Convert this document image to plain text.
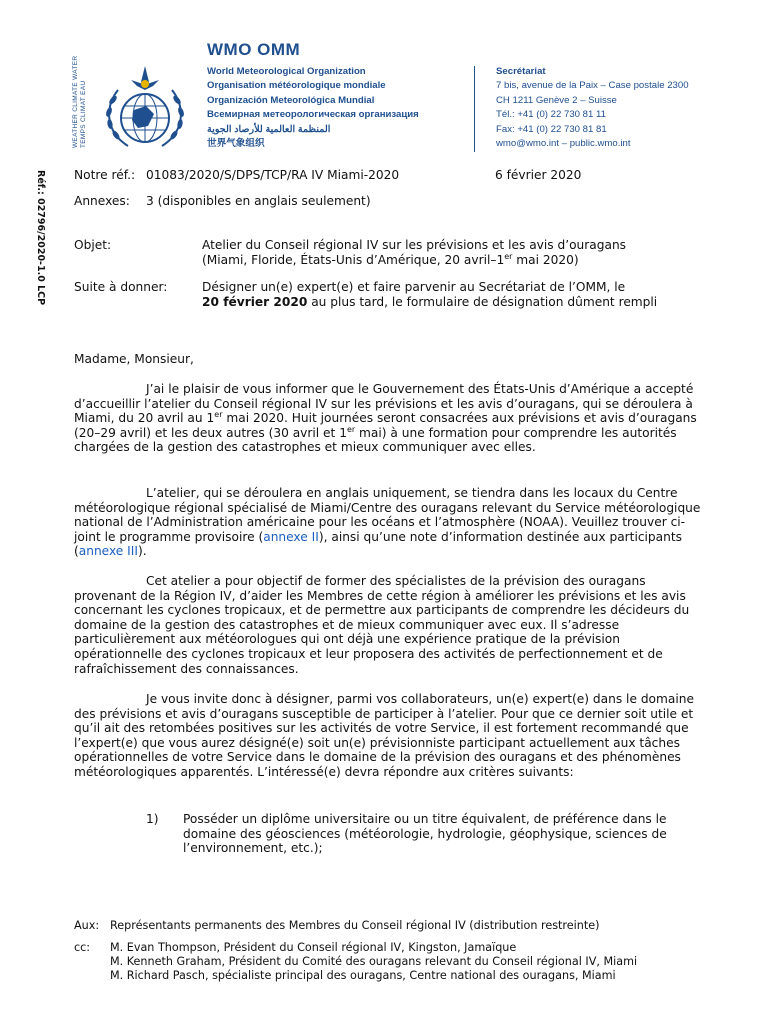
Réf.: 02796/2020-1.0 LCP
WEATHER CLIMATE WATER TEMPS CLIMAT EAU
WMO OMM
World Meteorological Organization
Organisation météorologique mondiale
Organización Meteorológica Mundial
Всемирная метеорологическая организация
المنظمة العالمية للأرصاد الجوية
世界气象组织
Secrétariat
7 bis, avenue de la Paix – Case postale 2300
CH 1211 Genève 2 – Suisse
Tél.: +41 (0) 22 730 81 11
Fax: +41 (0) 22 730 81 81
wmo@wmo.int – public.wmo.int
Notre réf.: 01083/2020/S/DPS/TCP/RA IV Miami-2020	6 février 2020
Annexes: 3 (disponibles en anglais seulement)
Objet:	Atelier du Conseil régional IV sur les prévisions et les avis d’ouragans
(Miami, Floride, États-Unis d’Amérique, 20 avril–1er mai 2020)
Suite à donner:	Désigner un(e) expert(e) et faire parvenir au Secrétariat de l’OMM, le
20 février 2020 au plus tard, le formulaire de désignation dûment rempli
Madame, Monsieur,
J’ai le plaisir de vous informer que le Gouvernement des États-Unis d’Amérique a accepté d’accueillir l’atelier du Conseil régional IV sur les prévisions et les avis d’ouragans, qui se déroulera à Miami, du 20 avril au 1er mai 2020. Huit journées seront consacrées aux prévisions et avis d’ouragans (20–29 avril) et les deux autres (30 avril et 1er mai) à une formation pour comprendre les autorités chargées de la gestion des catastrophes et mieux communiquer avec elles.
L’atelier, qui se déroulera en anglais uniquement, se tiendra dans les locaux du Centre météorologique régional spécialisé de Miami/Centre des ouragans relevant du Service météorologique national de l’Administration américaine pour les océans et l’atmosphère (NOAA). Veuillez trouver ci-joint le programme provisoire (annexe II), ainsi qu’une note d’information destinée aux participants (annexe III).
Cet atelier a pour objectif de former des spécialistes de la prévision des ouragans provenant de la Région IV, d’aider les Membres de cette région à améliorer les prévisions et les avis concernant les cyclones tropicaux, et de permettre aux participants de comprendre les décideurs du domaine de la gestion des catastrophes et de mieux communiquer avec eux. Il s’adresse particulièrement aux météorologues qui ont déjà une expérience pratique de la prévision opérationnelle des cyclones tropicaux et leur proposera des activités de perfectionnement et de rafraîchissement des connaissances.
Je vous invite donc à désigner, parmi vos collaborateurs, un(e) expert(e) dans le domaine des prévisions et avis d’ouragans susceptible de participer à l’atelier. Pour que ce dernier soit utile et qu’il ait des retombées positives sur les activités de votre Service, il est fortement recommandé que l’expert(e) que vous aurez désigné(e) soit un(e) prévisionniste participant actuellement aux tâches opérationnelles de votre Service dans le domaine de la prévision des ouragans et des phénomènes météorologiques apparentés. L’intéressé(e) devra répondre aux critères suivants:
1) Posséder un diplôme universitaire ou un titre équivalent, de préférence dans le domaine des géosciences (météorologie, hydrologie, géophysique, sciences de l’environnement, etc.);
Aux: Représentants permanents des Membres du Conseil régional IV (distribution restreinte)
cc: M. Evan Thompson, Président du Conseil régional IV, Kingston, Jamaïque
M. Kenneth Graham, Président du Comité des ouragans relevant du Conseil régional IV, Miami
M. Richard Pasch, spécialiste principal des ouragans, Centre national des ouragans, Miami
